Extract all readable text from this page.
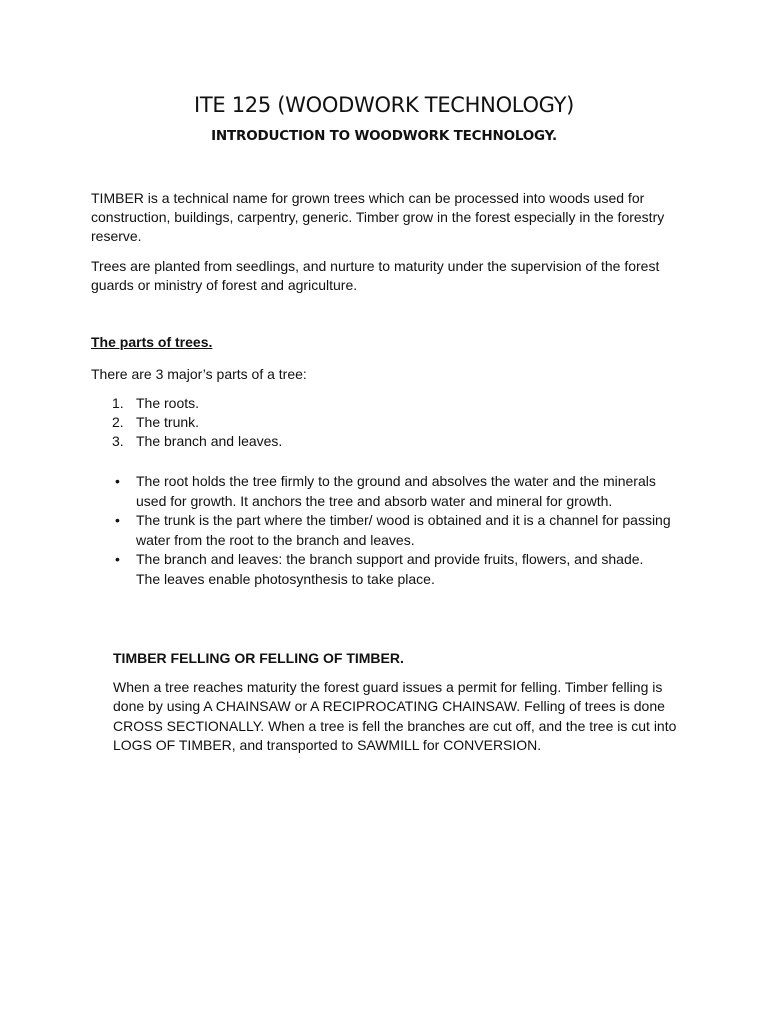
ITE 125 (WOODWORK TECHNOLOGY)
INTRODUCTION TO WOODWORK TECHNOLOGY.

TIMBER is a technical name for grown trees which can be processed into woods used for construction, buildings, carpentry, generic. Timber grow in the forest especially in the forestry reserve.

Trees are planted from seedlings, and nurture to maturity under the supervision of the forest guards or ministry of forest and agriculture.

The parts of trees.

There are 3 major’s parts of a tree:

1. The roots.
2. The trunk.
3. The branch and leaves.
• The root holds the tree firmly to the ground and absolves the water and the minerals used for growth. It anchors the tree and absorb water and mineral for growth.
• The trunk is the part where the timber/ wood is obtained and it is a channel for passing water from the root to the branch and leaves.
• The branch and leaves: the branch support and provide fruits, flowers, and shade. The leaves enable photosynthesis to take place.
TIMBER FELLING OR FELLING OF TIMBER.

When a tree reaches maturity the forest guard issues a permit for felling. Timber felling is done by using A CHAINSAW or A RECIPROCATING CHAINSAW. Felling of trees is done CROSS SECTIONALLY. When a tree is fell the branches are cut off, and the tree is cut into LOGS OF TIMBER, and transported to SAWMILL for CONVERSION.
